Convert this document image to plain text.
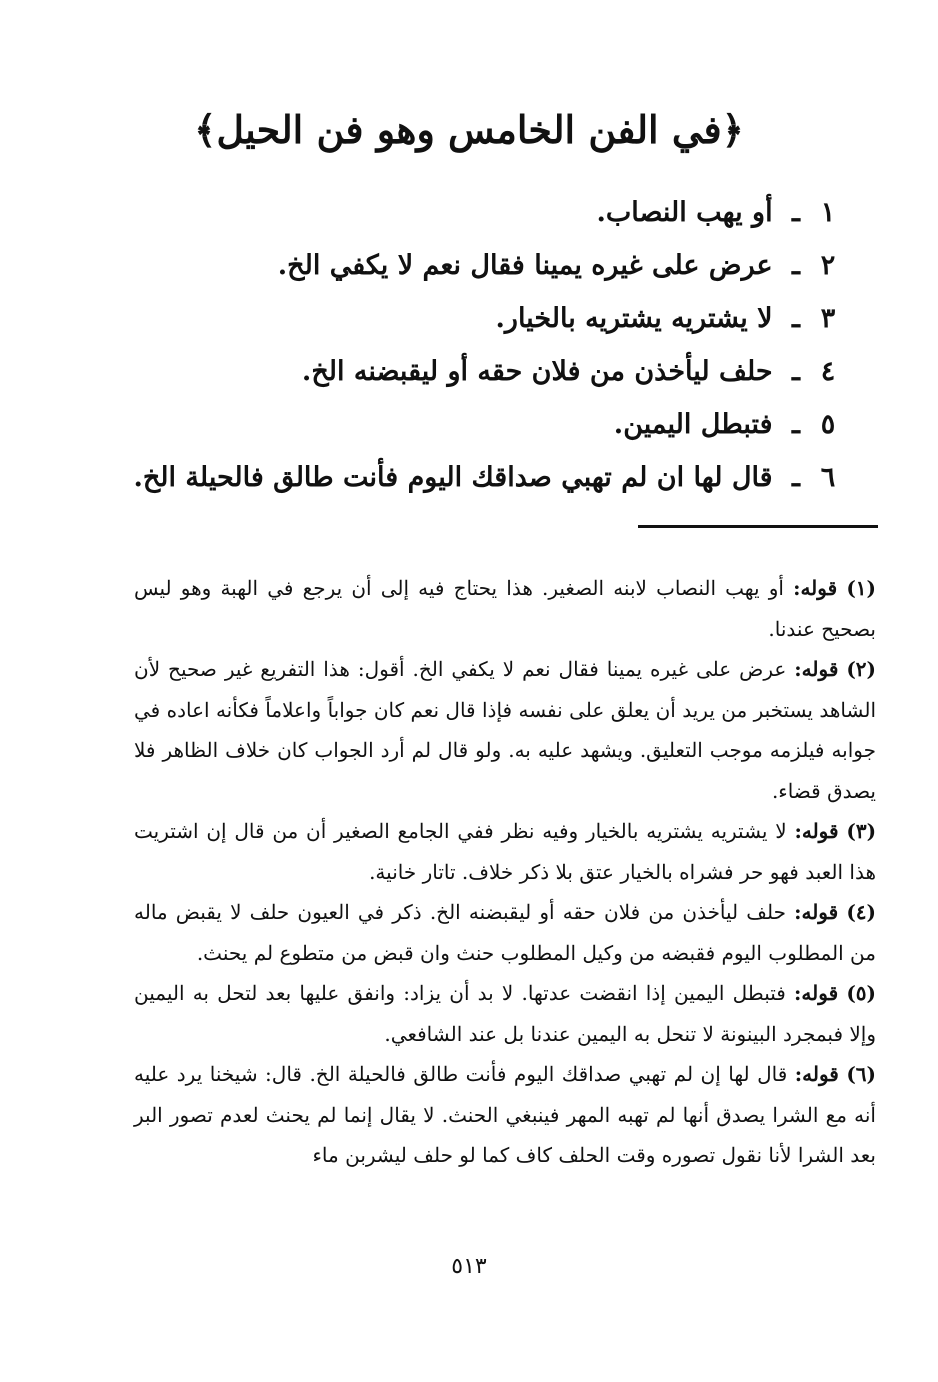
﴿في الفن الخامس وهو فن الحيل﴾
١ـ أو يهب النصاب.
٢ـ عرض على غيره يمينا فقال نعم لا يكفي الخ.
٣ـ لا يشتريه يشتريه بالخيار.
٤ـ حلف ليأخذن من فلان حقه أو ليقبضنه الخ.
٥ـ فتبطل اليمين.
٦ـ قال لها ان لم تهبي صداقك اليوم فأنت طالق فالحيلة الخ.
(١) قوله: أو يهب النصاب لابنه الصغير. هذا يحتاج فيه إلى أن يرجع في الهبة وهو ليس بصحيح عندنا.
(٢) قوله: عرض على غيره يمينا فقال نعم لا يكفي الخ. أقول: هذا التفريع غير صحيح لأن الشاهد يستخبر من يريد أن يعلق على نفسه فإذا قال نعم كان جواباً واعلاماً فكأنه اعاده في جوابه فيلزمه موجب التعليق. ويشهد عليه به. ولو قال لم أرد الجواب كان خلاف الظاهر فلا يصدق قضاء.
(٣) قوله: لا يشتريه يشتريه بالخيار وفيه نظر ففي الجامع الصغير أن من قال إن اشتريت هذا العبد فهو حر فشراه بالخيار عتق بلا ذكر خلاف. تاتار خانية.
(٤) قوله: حلف ليأخذن من فلان حقه أو ليقبضنه الخ. ذكر في العيون حلف لا يقبض ماله من المطلوب اليوم فقبضه من وكيل المطلوب حنث وان قبض من متطوع لم يحنث.
(٥) قوله: فتبطل اليمين إذا انقضت عدتها. لا بد أن يزاد: وانفق عليها بعد لتحل به اليمين وإلا فبمجرد البينونة لا تنحل به اليمين عندنا بل عند الشافعي.
(٦) قوله: قال لها إن لم تهبي صداقك اليوم فأنت طالق فالحيلة الخ. قال: شيخنا يرد عليه أنه مع الشرا يصدق أنها لم تهبه المهر فينبغي الحنث. لا يقال إنما لم يحنث لعدم تصور البر بعد الشرا لأنا نقول تصوره وقت الحلف كاف كما لو حلف ليشربن ماء
٥١٣
